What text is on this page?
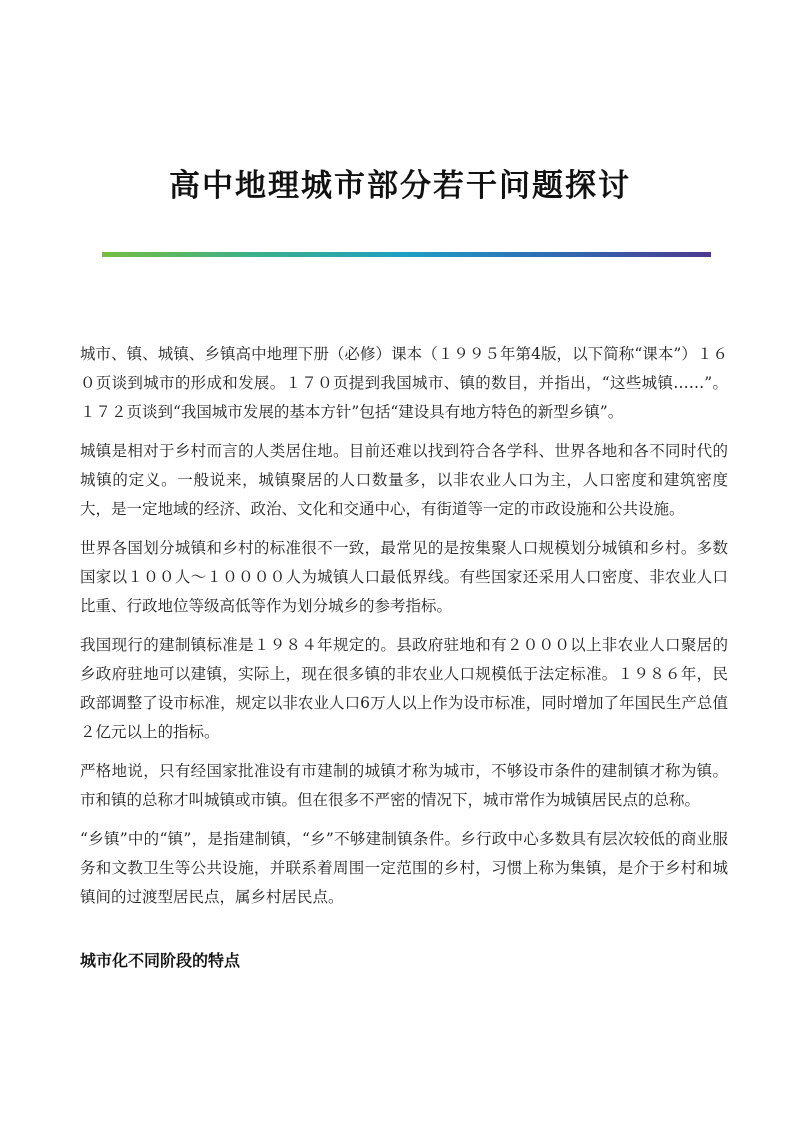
高中地理城市部分若干问题探讨

城市、镇、城镇、乡镇高中地理下册（必修）课本（１９９５年第4版，以下简称“课本”）１６０页谈到城市的形成和发展。１７０页提到我国城市、镇的数目，并指出，“这些城镇……”。１７２页谈到“我国城市发展的基本方针”包括“建设具有地方特色的新型乡镇”。

城镇是相对于乡村而言的人类居住地。目前还难以找到符合各学科、世界各地和各不同时代的城镇的定义。一般说来，城镇聚居的人口数量多，以非农业人口为主，人口密度和建筑密度大，是一定地域的经济、政治、文化和交通中心，有街道等一定的市政设施和公共设施。

世界各国划分城镇和乡村的标准很不一致，最常见的是按集聚人口规模划分城镇和乡村。多数国家以１００人～１００００人为城镇人口最低界线。有些国家还采用人口密度、非农业人口比重、行政地位等级高低等作为划分城乡的参考指标。

我国现行的建制镇标准是１９８４年规定的。县政府驻地和有２０００以上非农业人口聚居的乡政府驻地可以建镇，实际上，现在很多镇的非农业人口规模低于法定标准。１９８６年，民政部调整了设市标准，规定以非农业人口6万人以上作为设市标准，同时增加了年国民生产总值２亿元以上的指标。

严格地说，只有经国家批准设有市建制的城镇才称为城市，不够设市条件的建制镇才称为镇。市和镇的总称才叫城镇或市镇。但在很多不严密的情况下，城市常作为城镇居民点的总称。

“乡镇”中的“镇”，是指建制镇，“乡”不够建制镇条件。乡行政中心多数具有层次较低的商业服务和文教卫生等公共设施，并联系着周围一定范围的乡村，习惯上称为集镇，是介于乡村和城镇间的过渡型居民点，属乡村居民点。

城市化不同阶段的特点
